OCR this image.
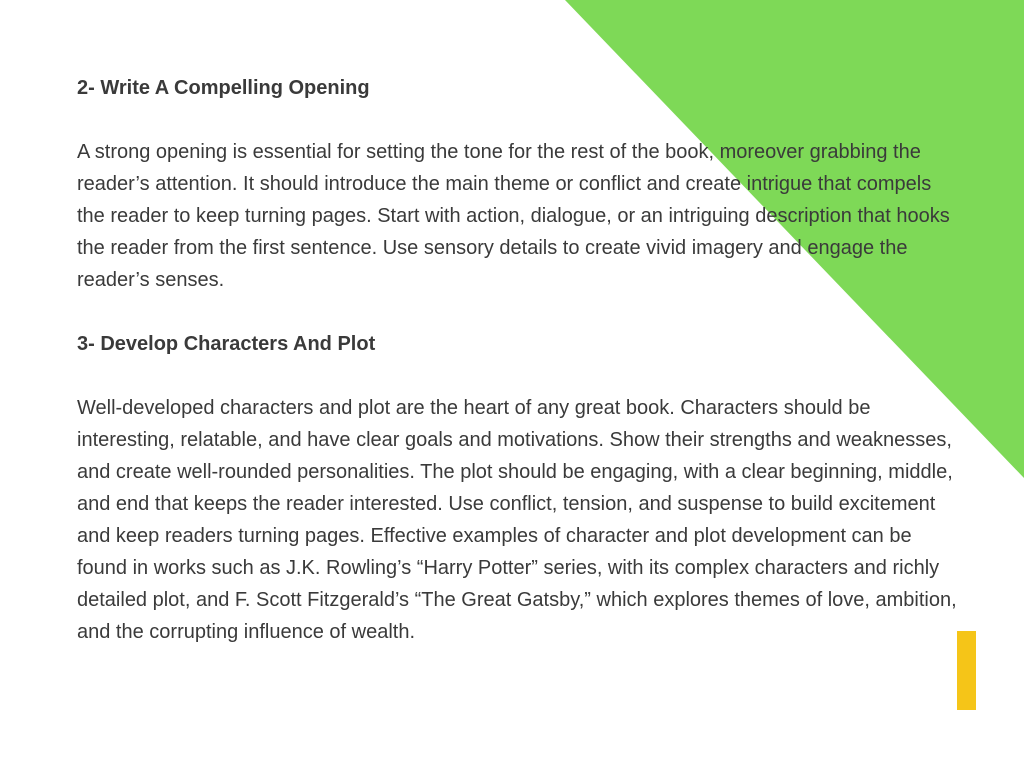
2- Write A Compelling Opening

A strong opening is essential for setting the tone for the rest of the book, moreover grabbing the reader’s attention. It should introduce the main theme or conflict and create intrigue that compels the reader to keep turning pages. Start with action, dialogue, or an intriguing description that hooks the reader from the first sentence. Use sensory details to create vivid imagery and engage the reader’s senses.

3- Develop Characters And Plot

Well-developed characters and plot are the heart of any great book. Characters should be interesting, relatable, and have clear goals and motivations. Show their strengths and weaknesses, and create well-rounded personalities. The plot should be engaging, with a clear beginning, middle, and end that keeps the reader interested. Use conflict, tension, and suspense to build excitement and keep readers turning pages. Effective examples of character and plot development can be found in works such as J.K. Rowling’s “Harry Potter” series, with its complex characters and richly detailed plot, and F. Scott Fitzgerald’s “The Great Gatsby,” which explores themes of love, ambition, and the corrupting influence of wealth.
